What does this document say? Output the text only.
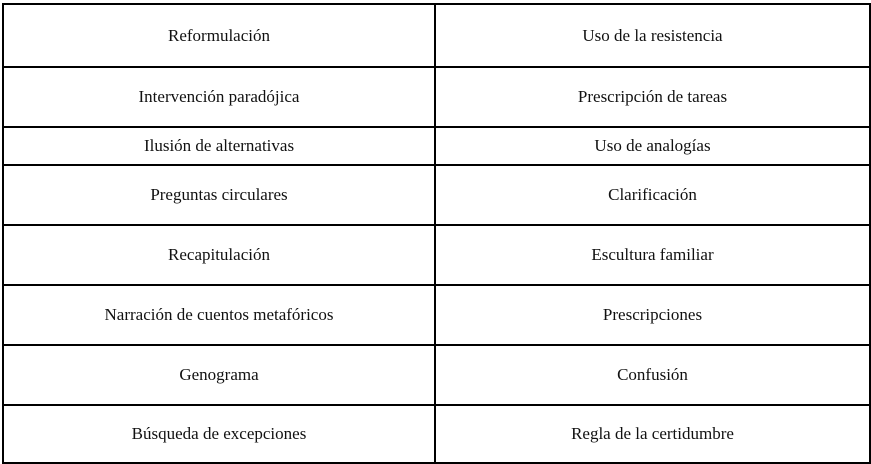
Reformulación	Uso de la resistencia
Intervención paradójica	Prescripción de tareas
Ilusión de alternativas	Uso de analogías
Preguntas circulares	Clarificación
Recapitulación	Escultura familiar
Narración de cuentos metafóricos	Prescripciones
Genograma	Confusión
Búsqueda de excepciones	Regla de la certidumbre
